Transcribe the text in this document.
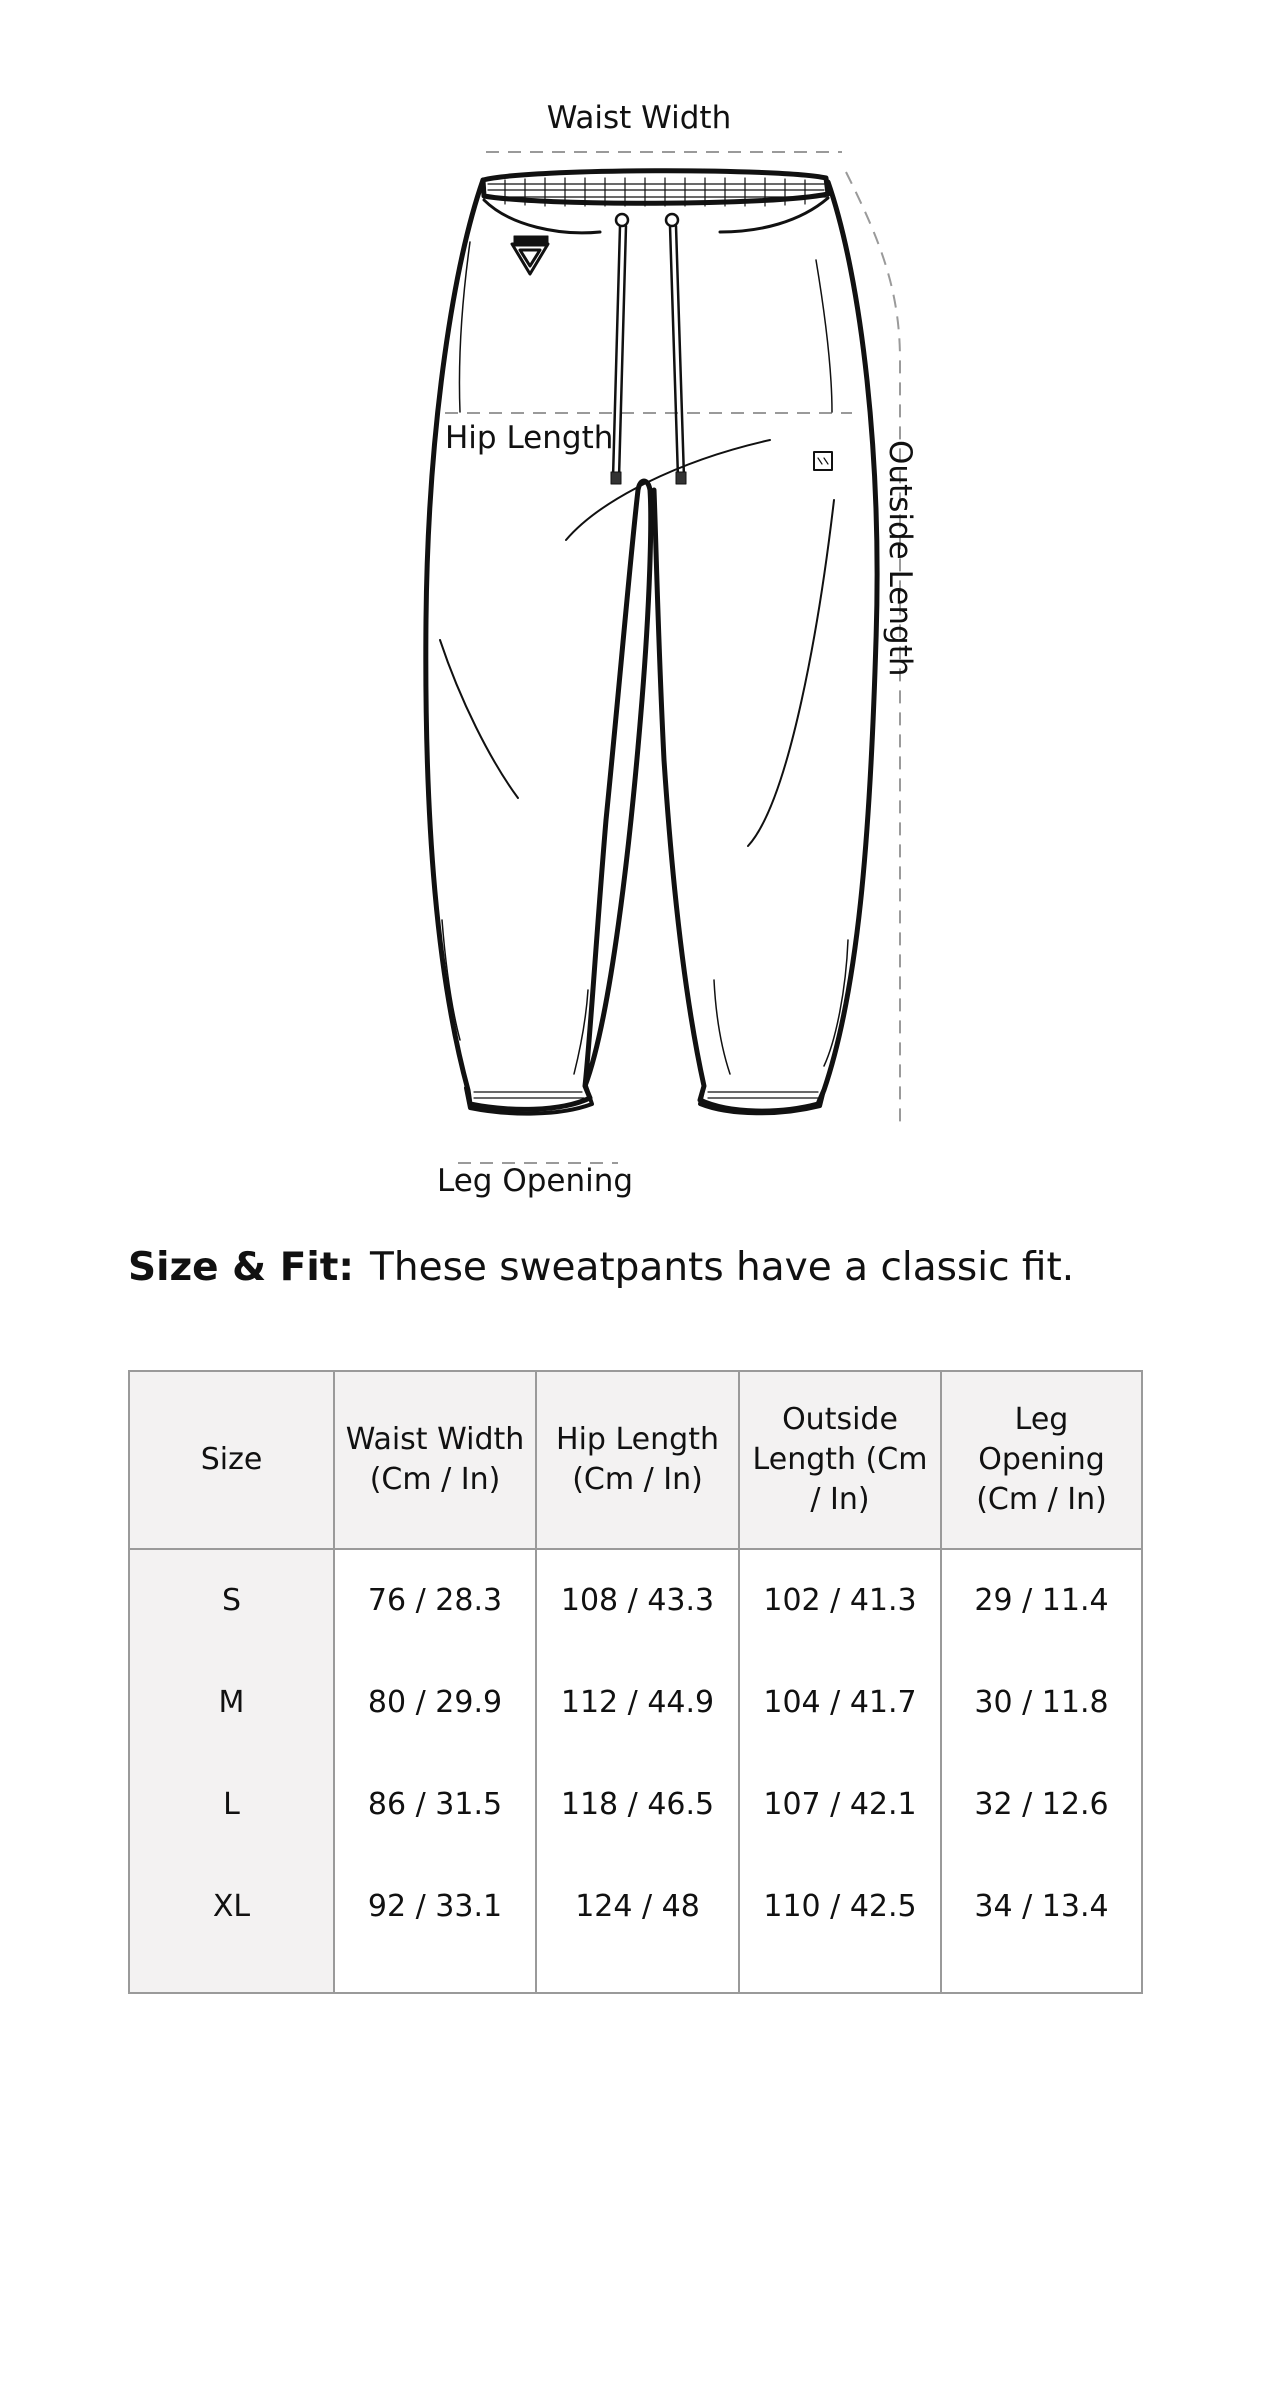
Waist Width
Hip Length
Outside Length
Leg Opening
Size & Fit: These sweatpants have a classic fit.
Size	Waist Width (Cm / In)	Hip Length (Cm / In)	Outside Length (Cm / In)	Leg Opening (Cm / In)
S	76 / 28.3	108 / 43.3	102 / 41.3	29 / 11.4
M	80 / 29.9	112 / 44.9	104 / 41.7	30 / 11.8
L	86 / 31.5	118 / 46.5	107 / 42.1	32 / 12.6
XL	92 / 33.1	124 / 48	110 / 42.5	34 / 13.4
